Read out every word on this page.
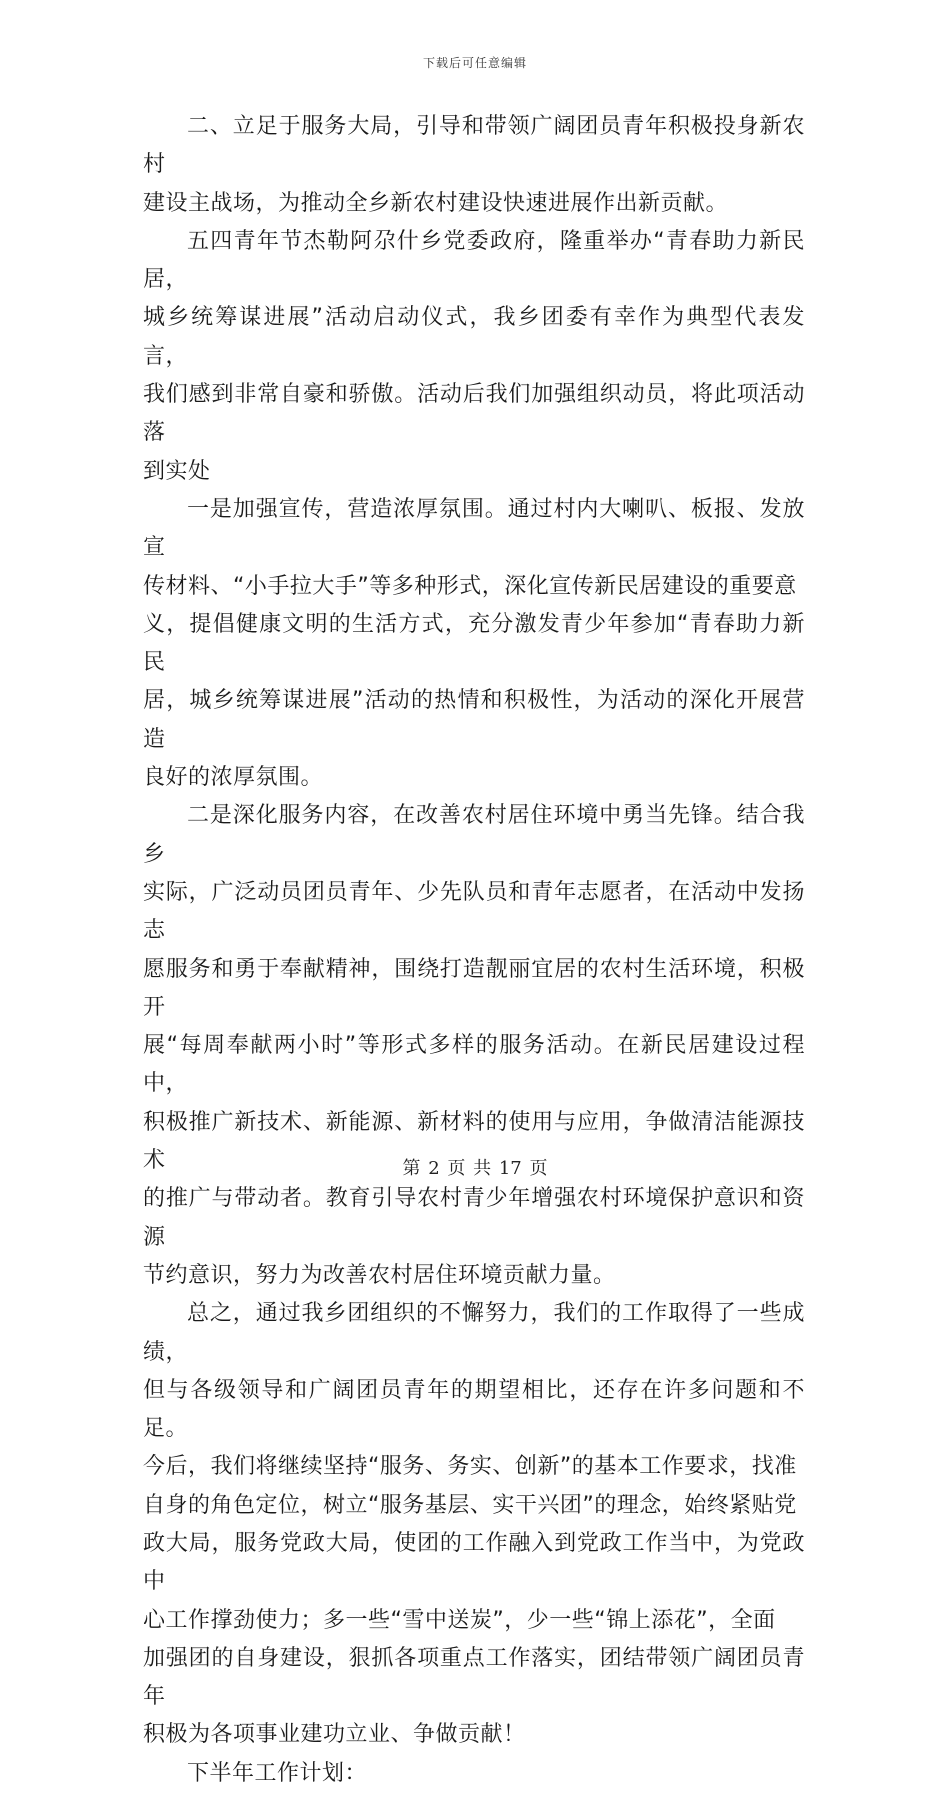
下载后可任意编辑

二、立足于服务大局，引导和带领广阔团员青年积极投身新农村
建设主战场，为推动全乡新农村建设快速进展作出新贡献。

五四青年节杰勒阿尕什乡党委政府，隆重举办“青春助力新民居，
城乡统筹谋进展”活动启动仪式，我乡团委有幸作为典型代表发言，
我们感到非常自豪和骄傲。活动后我们加强组织动员，将此项活动落
到实处

一是加强宣传，营造浓厚氛围。通过村内大喇叭、板报、发放宣
传材料、“小手拉大手”等多种形式，深化宣传新民居建设的重要意
义，提倡健康文明的生活方式，充分激发青少年参加“青春助力新民
居，城乡统筹谋进展”活动的热情和积极性，为活动的深化开展营造
良好的浓厚氛围。

二是深化服务内容，在改善农村居住环境中勇当先锋。结合我乡
实际，广泛动员团员青年、少先队员和青年志愿者，在活动中发扬志
愿服务和勇于奉献精神，围绕打造靓丽宜居的农村生活环境，积极开
展“每周奉献两小时”等形式多样的服务活动。在新民居建设过程中，
积极推广新技术、新能源、新材料的使用与应用，争做清洁能源技术
的推广与带动者。教育引导农村青少年增强农村环境保护意识和资源
节约意识，努力为改善农村居住环境贡献力量。

总之，通过我乡团组织的不懈努力，我们的工作取得了一些成绩，
但与各级领导和广阔团员青年的期望相比，还存在许多问题和不足。
今后，我们将继续坚持“服务、务实、创新”的基本工作要求，找准
自身的角色定位，树立“服务基层、实干兴团”的理念，始终紧贴党
政大局，服务党政大局，使团的工作融入到党政工作当中，为党政中
心工作撑劲使力；多一些“雪中送炭”，少一些“锦上添花”，全面
加强团的自身建设，狠抓各项重点工作落实，团结带领广阔团员青年
积极为各项事业建功立业、争做贡献！

下半年工作计划：

第 2 页 共 17 页
